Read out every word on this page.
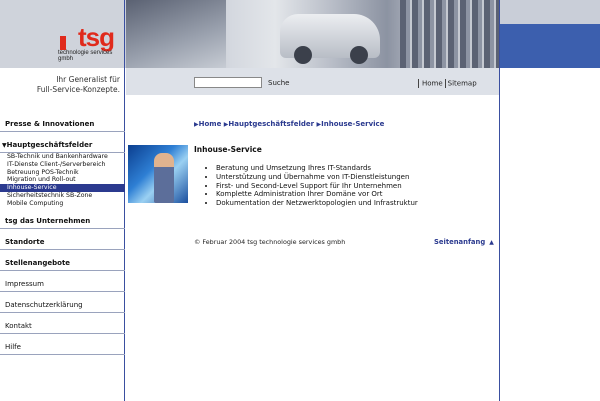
tsg
technologie services gmbh
Ihr Generalist für
Full-Service-Konzepte.
Suche	Home Sitemap
Presse & Innovationen
▼Hauptgeschäftsfelder
SB-Technik und Bankenhardware
IT-Dienste Client-/Serverbereich
Betreuung POS-Technik
Migration und Roll-out
Inhouse-Service
Sicherheitstechnik SB-Zone
Mobile Computing
tsg das Unternehmen
Standorte
Stellenangebote
Impressum
Datenschutzerklärung
Kontakt
Hilfe
▶Home ▶Hauptgeschäftsfelder ▶Inhouse-Service
Inhouse-Service
• Beratung und Umsetzung Ihres IT-Standards
• Unterstützung und Übernahme von IT-Dienstleistungen
• First- und Second-Level Support für Ihr Unternehmen
• Komplette Administration Ihrer Domäne vor Ort
• Dokumentation der Netzwerktopologien und Infrastruktur
© Februar 2004 tsg technologie services gmbh	Seitenanfang ▲
